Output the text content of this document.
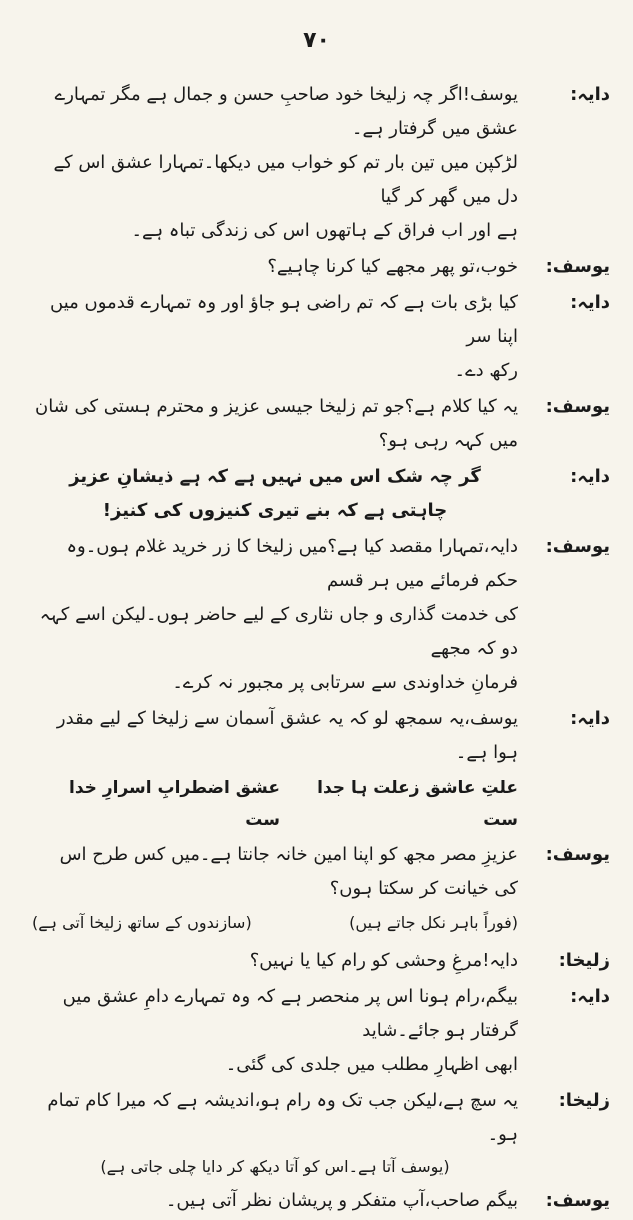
۷۰
دایہ:
یوسف!اگر چہ زلیخا خود صاحبِ حسن و جمال ہے مگر تمہارے عشق میں گرفتار ہے۔
لڑکپن میں تین بار تم کو خواب میں دیکھا۔تمہارا عشق اس کے دل میں گھر کر گیا
ہے اور اب فراق کے ہاتھوں اس کی زندگی تباہ ہے۔
یوسف:
خوب،تو پھر مجھے کیا کرنا چاہیے؟
دایہ:
کیا بڑی بات ہے کہ تم راضی ہو جاؤ اور وہ تمہارے قدموں میں اپنا سر
رکھ دے۔
یوسف:
یہ کیا کلام ہے؟جو تم زلیخا جیسی عزیز و محترم ہستی کی شان میں کہہ رہی ہو؟
دایہ:
گر چہ شک اس میں نہیں ہے کہ ہے ذیشانِ عزیز
چاہتی ہے کہ بنے تیری کنیزوں کی کنیز!
یوسف:
دایہ،تمہارا مقصد کیا ہے؟میں زلیخا کا زر خرید غلام ہوں۔وہ حکم فرمائے میں ہر قسم
کی خدمت گذاری و جاں نثاری کے لیے حاضر ہوں۔لیکن اسے کہہ دو کہ مجھے
فرمانِ خداوندی سے سرتابی پر مجبور نہ کرے۔
دایہ:
یوسف،یہ سمجھ لو کہ یہ عشق آسمان سے زلیخا کے لیے مقدر ہوا ہے۔
علتِ عاشق زعلت ہا جدا ست
عشق اضطرابِ اسرارِ خدا ست
یوسف:
عزیزِ مصر مجھ کو اپنا امین خانہ جانتا ہے۔میں کس طرح اس کی خیانت کر سکتا ہوں؟
(فوراً باہر نکل جاتے ہیں)
(سازندوں کے ساتھ زلیخا آتی ہے)
زلیخا:
دایہ!مرغِ وحشی کو رام کیا یا نہیں؟
دایہ:
بیگم،رام ہونا اس پر منحصر ہے کہ وہ تمہارے دامِ عشق میں گرفتار ہو جائے۔شاید
ابھی اظہارِ مطلب میں جلدی کی گئی۔
زلیخا:
یہ سچ ہے،لیکن جب تک وہ رام ہو،اندیشہ ہے کہ میرا کام تمام ہو۔
(یوسف آتا ہے۔اس کو آتا دیکھ کر دایا چلی جاتی ہے)
یوسف:
بیگم صاحب،آپ متفکر و پریشان نظر آتی ہیں۔
